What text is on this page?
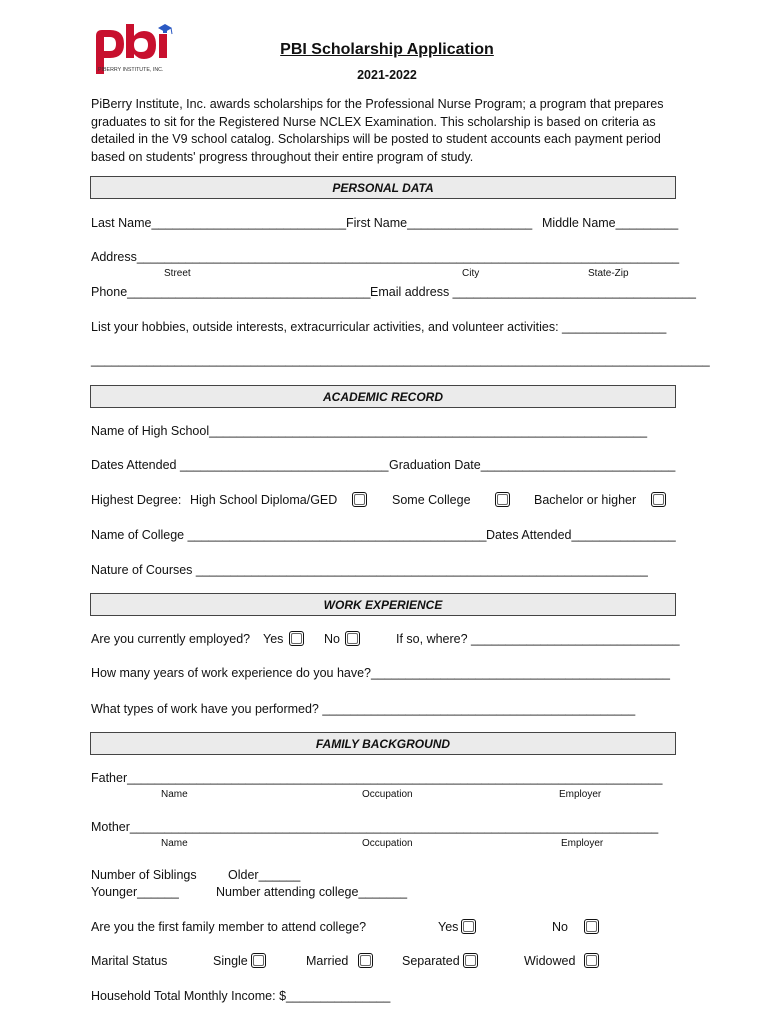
PIBERRY INSTITUTE, INC.
pbi
PBI Scholarship Application
2021-2022
PiBerry Institute, Inc. awards scholarships for the Professional Nurse Program; a program that prepares graduates to sit for the Registered Nurse NCLEX Examination. This scholarship is based on criteria as detailed in the V9 school catalog. Scholarships will be posted to student accounts each payment period based on students' progress throughout their entire program of study.
PERSONAL DATA
Last Name____________________________ First Name__________________ Middle Name_________
Address______________________________________________________________________________
Street	City	State-Zip
Phone___________________________________ Email address ___________________________________
List your hobbies, outside interests, extracurricular activities, and volunteer activities: _______________
_________________________________________________________________________________________
ACADEMIC RECORD
Name of High School_______________________________________________________________
Dates Attended ______________________________ Graduation Date____________________________
Highest Degree: High School Diploma/GED	Some College	Bachelor or higher
Name of College ___________________________________________ Dates Attended_______________
Nature of Courses _________________________________________________________________
WORK EXPERIENCE
Are you currently employed? Yes	No	If so, where? ______________________________
How many years of work experience do you have?___________________________________________
What types of work have you performed? _____________________________________________
FAMILY BACKGROUND
Father_____________________________________________________________________________
Name	Occupation	Employer
Mother____________________________________________________________________________
Name	Occupation	Employer
Number of Siblings	Older______
Younger______	Number attending college_______
Are you the first family member to attend college?	Yes	No
Marital Status	Single	Married	Separated	Widowed
Household Total Monthly Income: $_______________
